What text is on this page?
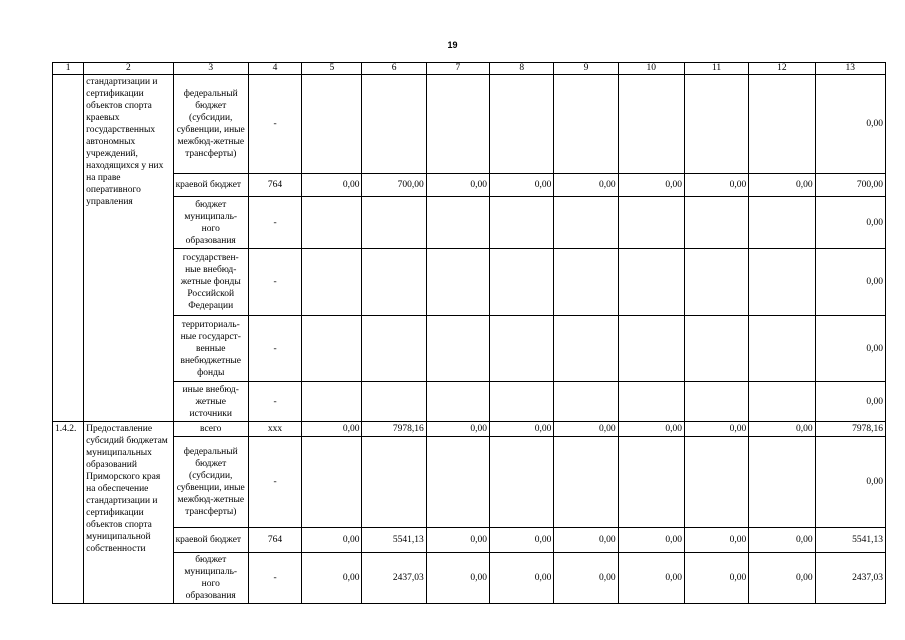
19
1	2	3	4	5	6	7	8	9	10	11	12	13
	стандартизации и сертификации объектов спорта краевых государственных автономных учреждений, находящихся у них на праве оперативного управления	федеральный бюджет (субсидии, субвенции, иные межбюд-жетные трансферты)	-									0,00
		краевой бюджет	764	0,00	700,00	0,00	0,00	0,00	0,00	0,00	0,00	700,00
		бюджет муниципаль-ного образования	-									0,00
		государствен-ные внебюд-жетные фонды Российской Федерации	-									0,00
		территориаль-ные государст-венные внебюджетные фонды	-									0,00
		иные внебюд-жетные источники	-									0,00
1.4.2.	Предоставление субсидий бюджетам муниципальных образований Приморского края на обеспечение стандартизации и сертификации объектов спорта муниципальной собственности	всего	xxx	0,00	7978,16	0,00	0,00	0,00	0,00	0,00	0,00	7978,16
		федеральный бюджет (субсидии, субвенции, иные межбюд-жетные трансферты)	-									0,00
		краевой бюджет	764	0,00	5541,13	0,00	0,00	0,00	0,00	0,00	0,00	5541,13
		бюджет муниципаль-ного образования	-	0,00	2437,03	0,00	0,00	0,00	0,00	0,00	0,00	2437,03
